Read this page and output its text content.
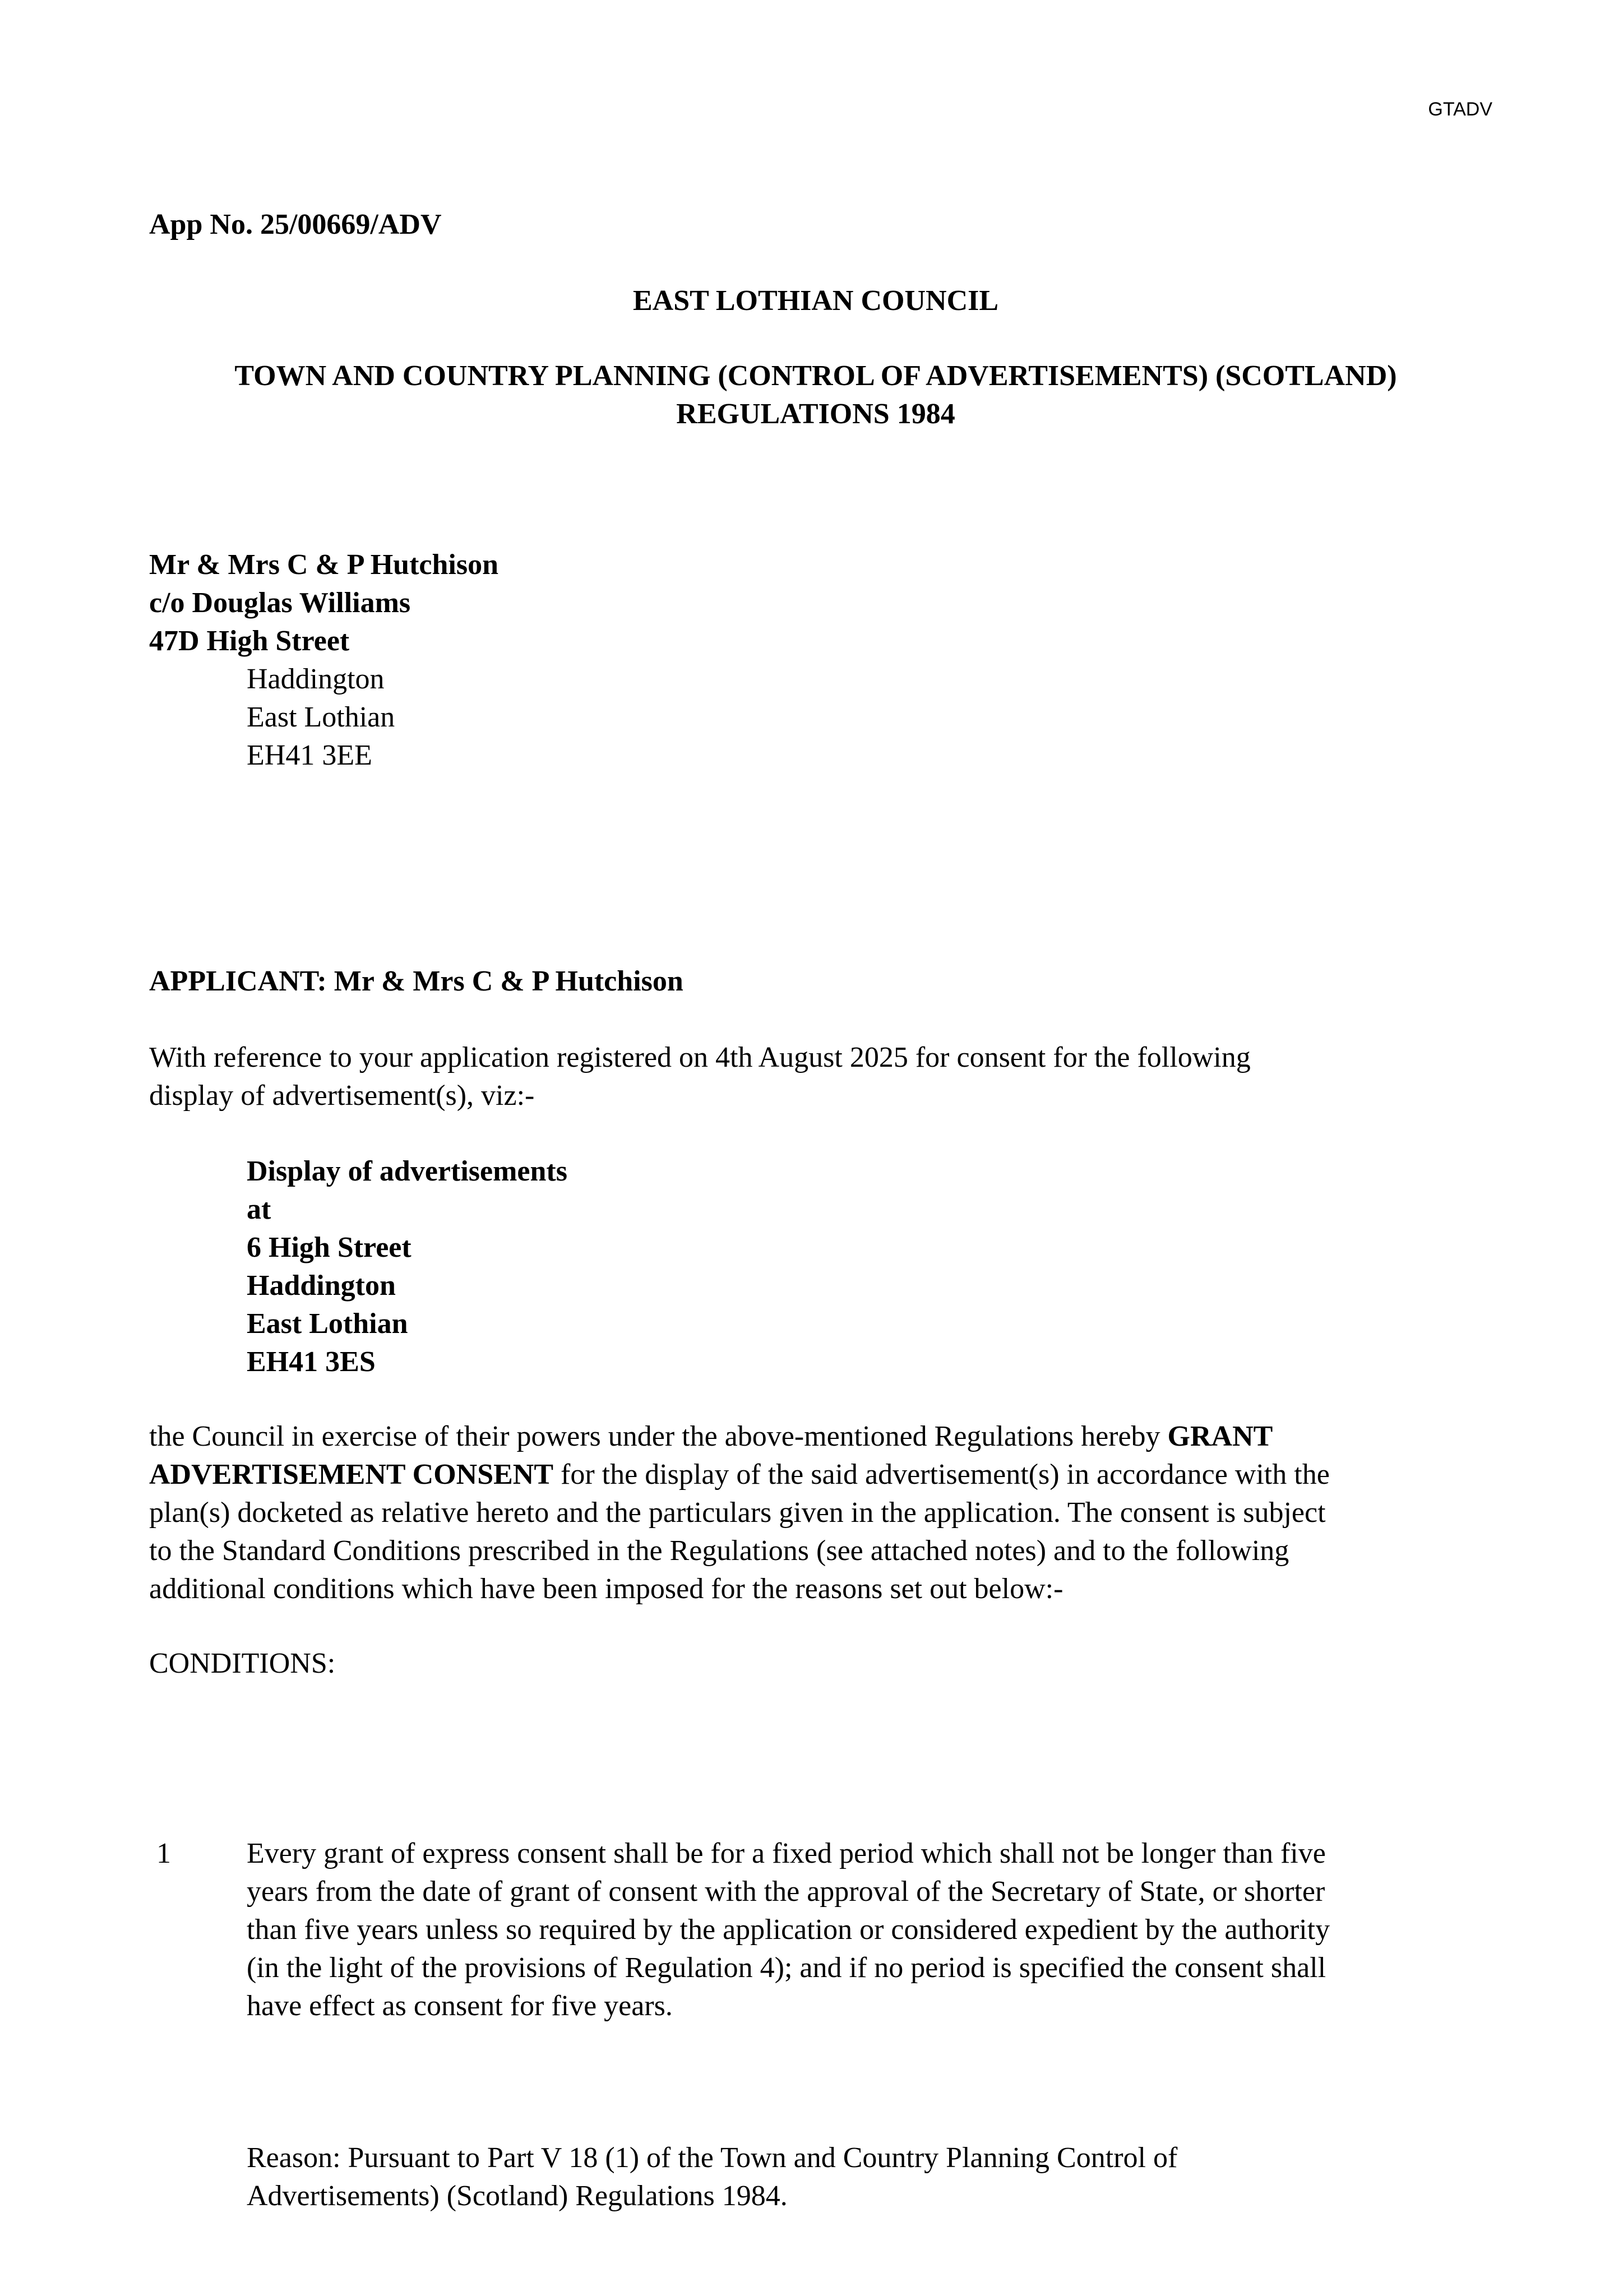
GTADV
App No. 25/00669/ADV
EAST LOTHIAN COUNCIL
TOWN AND COUNTRY PLANNING (CONTROL OF ADVERTISEMENTS) (SCOTLAND)
REGULATIONS 1984
Mr & Mrs C & P Hutchison
c/o Douglas Williams
47D High Street
Haddington
East Lothian
EH41 3EE
APPLICANT: Mr & Mrs C & P Hutchison
With reference to your application registered on 4th August 2025 for consent for the following
display of advertisement(s), viz:-
Display of advertisements
at
6 High Street
Haddington
East Lothian
EH41 3ES
the Council in exercise of their powers under the above-mentioned Regulations hereby GRANT
ADVERTISEMENT CONSENT for the display of the said advertisement(s) in accordance with the
plan(s) docketed as relative hereto and the particulars given in the application. The consent is subject
to the Standard Conditions prescribed in the Regulations (see attached notes) and to the following
additional conditions which have been imposed for the reasons set out below:-
CONDITIONS:
1	Every grant of express consent shall be for a fixed period which shall not be longer than five
years from the date of grant of consent with the approval of the Secretary of State, or shorter
than five years unless so required by the application or considered expedient by the authority
(in the light of the provisions of Regulation 4); and if no period is specified the consent shall
have effect as consent for five years.
Reason: Pursuant to Part V 18 (1) of the Town and Country Planning Control of
Advertisements) (Scotland) Regulations 1984.
